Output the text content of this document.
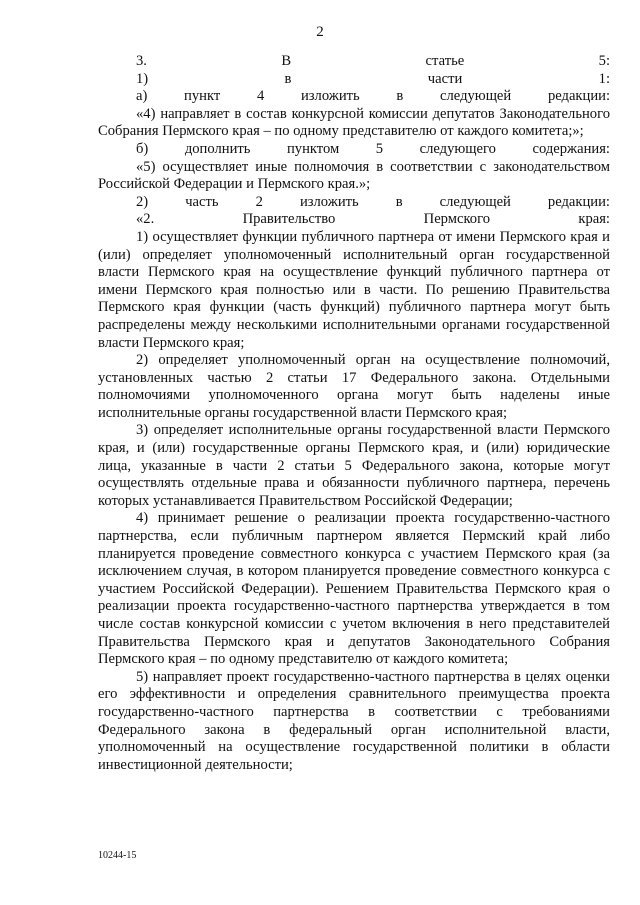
2

3. В статье 5:

1) в части 1:

а) пункт 4 изложить в следующей редакции:

«4) направляет в состав конкурсной комиссии депутатов Законодательного Собрания Пермского края – по одному представителю от каждого комитета;»;

б) дополнить пунктом 5 следующего содержания:

«5) осуществляет иные полномочия в соответствии с законодательством Российской Федерации и Пермского края.»;

2) часть 2 изложить в следующей редакции:

«2. Правительство Пермского края:

1) осуществляет функции публичного партнера от имени Пермского края и (или) определяет уполномоченный исполнительный орган государственной власти Пермского края на осуществление функций публичного партнера от имени Пермского края полностью или в части. По решению Правительства Пермского края функции (часть функций) публичного партнера могут быть распределены между несколькими исполнительными органами государственной власти Пермского края;

2) определяет уполномоченный орган на осуществление полномочий, установленных частью 2 статьи 17 Федерального закона. Отдельными полномочиями уполномоченного органа могут быть наделены иные исполнительные органы государственной власти Пермского края;

3) определяет исполнительные органы государственной власти Пермского края, и (или) государственные органы Пермского края, и (или) юридические лица, указанные в части 2 статьи 5 Федерального закона, которые могут осуществлять отдельные права и обязанности публичного партнера, перечень которых устанавливается Правительством Российской Федерации;

4) принимает решение о реализации проекта государственно-частного партнерства, если публичным партнером является Пермский край либо планируется проведение совместного конкурса с участием Пермского края (за исключением случая, в котором планируется проведение совместного конкурса с участием Российской Федерации). Решением Правительства Пермского края о реализации проекта государственно-частного партнерства утверждается в том числе состав конкурсной комиссии с учетом включения в него представителей Правительства Пермского края и депутатов Законодательного Собрания Пермского края – по одному представителю от каждого комитета;

5) направляет проект государственно-частного партнерства в целях оценки его эффективности и определения сравнительного преимущества проекта государственно-частного партнерства в соответствии с требованиями Федерального закона в федеральный орган исполнительной власти, уполномоченный на осуществление государственной политики в области инвестиционной деятельности;

10244-15
